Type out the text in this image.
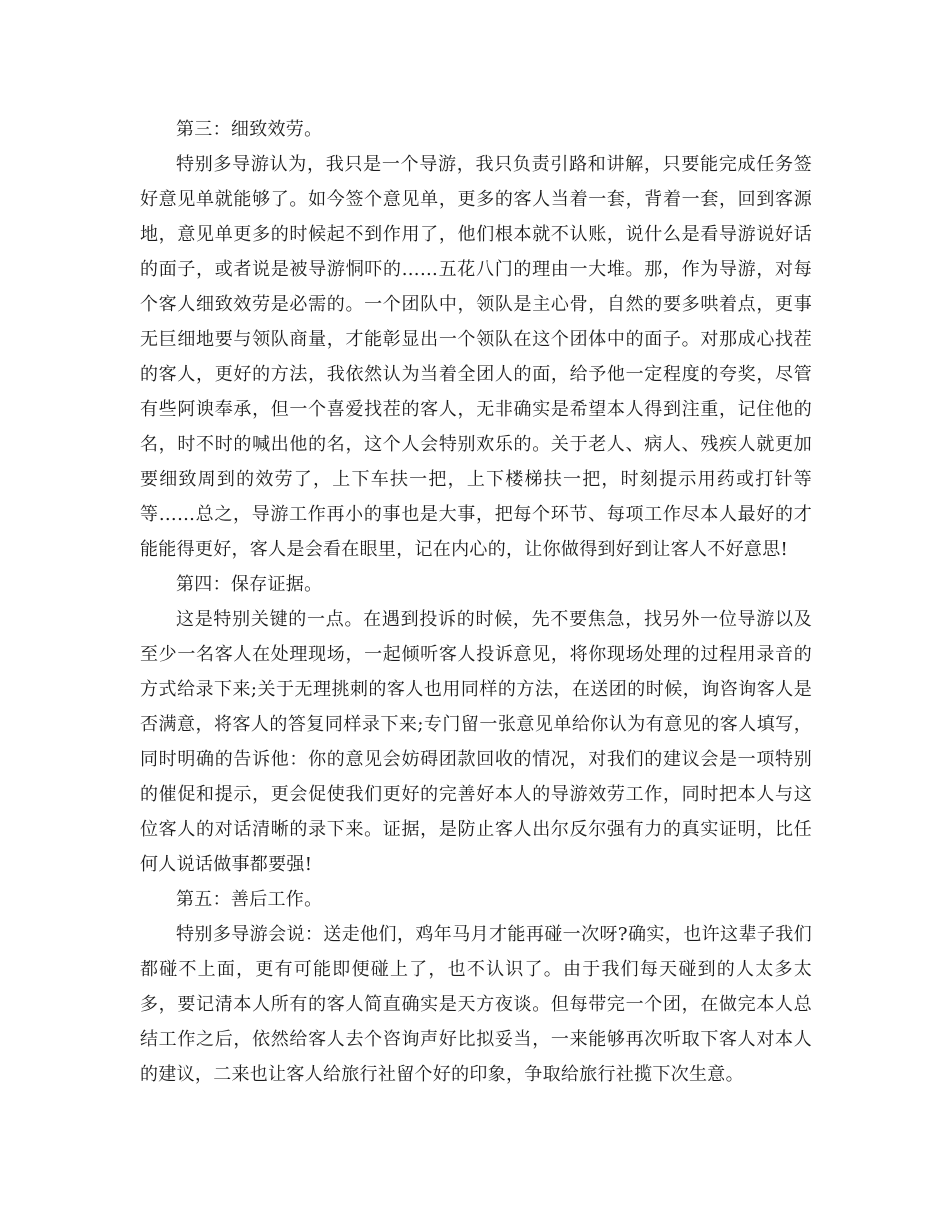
第三：细致效劳。

特别多导游认为，我只是一个导游，我只负责引路和讲解，只要能完成任务签好意见单就能够了。如今签个意见单，更多的客人当着一套，背着一套，回到客源地，意见单更多的时候起不到作用了，他们根本就不认账，说什么是看导游说好话的面子，或者说是被导游恫吓的……五花八门的理由一大堆。那，作为导游，对每个客人细致效劳是必需的。一个团队中，领队是主心骨，自然的要多哄着点，更事无巨细地要与领队商量，才能彰显出一个领队在这个团体中的面子。对那成心找茬的客人，更好的方法，我依然认为当着全团人的面，给予他一定程度的夸奖，尽管有些阿谀奉承，但一个喜爱找茬的客人，无非确实是希望本人得到注重，记住他的名，时不时的喊出他的名，这个人会特别欢乐的。关于老人、病人、残疾人就更加要细致周到的效劳了，上下车扶一把，上下楼梯扶一把，时刻提示用药或打针等等……总之，导游工作再小的事也是大事，把每个环节、每项工作尽本人最好的才能能得更好，客人是会看在眼里，记在内心的，让你做得到好到让客人不好意思!

第四：保存证据。

这是特别关键的一点。在遇到投诉的时候，先不要焦急，找另外一位导游以及至少一名客人在处理现场，一起倾听客人投诉意见，将你现场处理的过程用录音的方式给录下来;关于无理挑刺的客人也用同样的方法，在送团的时候，询咨询客人是否满意，将客人的答复同样录下来;专门留一张意见单给你认为有意见的客人填写，同时明确的告诉他：你的意见会妨碍团款回收的情况，对我们的建议会是一项特别的催促和提示，更会促使我们更好的完善好本人的导游效劳工作，同时把本人与这位客人的对话清晰的录下来。证据，是防止客人出尔反尔强有力的真实证明，比任何人说话做事都要强!

第五：善后工作。

特别多导游会说：送走他们，鸡年马月才能再碰一次呀?确实，也许这辈子我们都碰不上面，更有可能即便碰上了，也不认识了。由于我们每天碰到的人太多太多，要记清本人所有的客人简直确实是天方夜谈。但每带完一个团，在做完本人总结工作之后，依然给客人去个咨询声好比拟妥当，一来能够再次听取下客人对本人的建议，二来也让客人给旅行社留个好的印象，争取给旅行社揽下次生意。
